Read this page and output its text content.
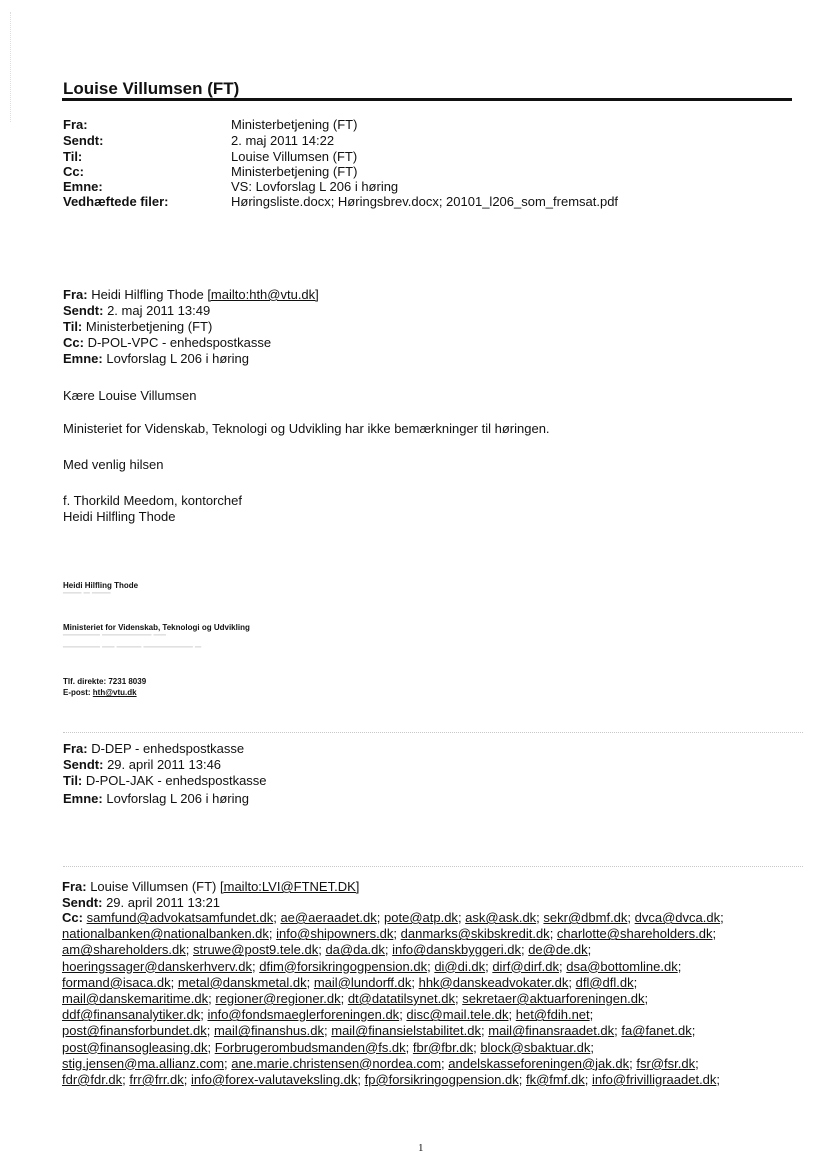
Louise Villumsen (FT)
Fra:	Ministerbetjening (FT)
Sendt:	2. maj 2011 14:22
Til:	Louise Villumsen (FT)
Cc:	Ministerbetjening (FT)
Emne:	VS: Lovforslag L 206 i høring
Vedhæftede filer:	Høringsliste.docx; Høringsbrev.docx; 20101_l206_som_fremsat.pdf
Fra: Heidi Hilfling Thode [mailto:hth@vtu.dk]
Sendt: 2. maj 2011 13:49
Til: Ministerbetjening (FT)
Cc: D-POL-VPC - enhedspostkasse
Emne: Lovforslag L 206 i høring
Kære Louise Villumsen
Ministeriet for Videnskab, Teknologi og Udvikling har ikke bemærkninger til høringen.
Med venlig hilsen
f. Thorkild Meedom, kontorchef
Heidi Hilfling Thode
Heidi Hilfling Thode
▔▔▔ ▔ ▔▔▔
Ministeriet for Videnskab, Teknologi og Udvikling
▔▔▔▔▔▔ ▔▔▔▔▔▔▔▔ ▔▔
▔▔▔▔▔▔ ▔▔ ▔▔▔▔ ▔▔▔▔▔▔▔▔ ▔
Tlf. direkte: 7231 8039
E-post: hth@vtu.dk
Fra: D-DEP - enhedspostkasse
Sendt: 29. april 2011 13:46
Til: D-POL-JAK - enhedspostkasse
Emne: Lovforslag L 206 i høring
Fra: Louise Villumsen (FT) [mailto:LVI@FTNET.DK]
Sendt: 29. april 2011 13:21
Cc: samfund@advokatsamfundet.dk; ae@aeraadet.dk; pote@atp.dk; ask@ask.dk; sekr@dbmf.dk; dvca@dvca.dk;
nationalbanken@nationalbanken.dk; info@shipowners.dk; danmarks@skibskredit.dk; charlotte@shareholders.dk;
am@shareholders.dk; struwe@post9.tele.dk; da@da.dk; info@danskbyggeri.dk; de@de.dk;
hoeringssager@danskerhverv.dk; dfim@forsikringogpension.dk; di@di.dk; dirf@dirf.dk; dsa@bottomline.dk;
formand@isaca.dk; metal@danskmetal.dk; mail@lundorff.dk; hhk@danskeadvokater.dk; dfl@dfl.dk;
mail@danskemaritime.dk; regioner@regioner.dk; dt@datatilsynet.dk; sekretaer@aktuarforeningen.dk;
ddf@finansanalytiker.dk; info@fondsmaeglerforeningen.dk; disc@mail.tele.dk; het@fdih.net;
post@finansforbundet.dk; mail@finanshus.dk; mail@finansielstabilitet.dk; mail@finansraadet.dk; fa@fanet.dk;
post@finansogleasing.dk; Forbrugerombudsmanden@fs.dk; fbr@fbr.dk; block@sbaktuar.dk;
stig.jensen@ma.allianz.com; ane.marie.christensen@nordea.com; andelskasseforeningen@jak.dk; fsr@fsr.dk;
fdr@fdr.dk; frr@frr.dk; info@forex-valutaveksling.dk; fp@forsikringogpension.dk; fk@fmf.dk; info@frivilligraadet.dk;
1
